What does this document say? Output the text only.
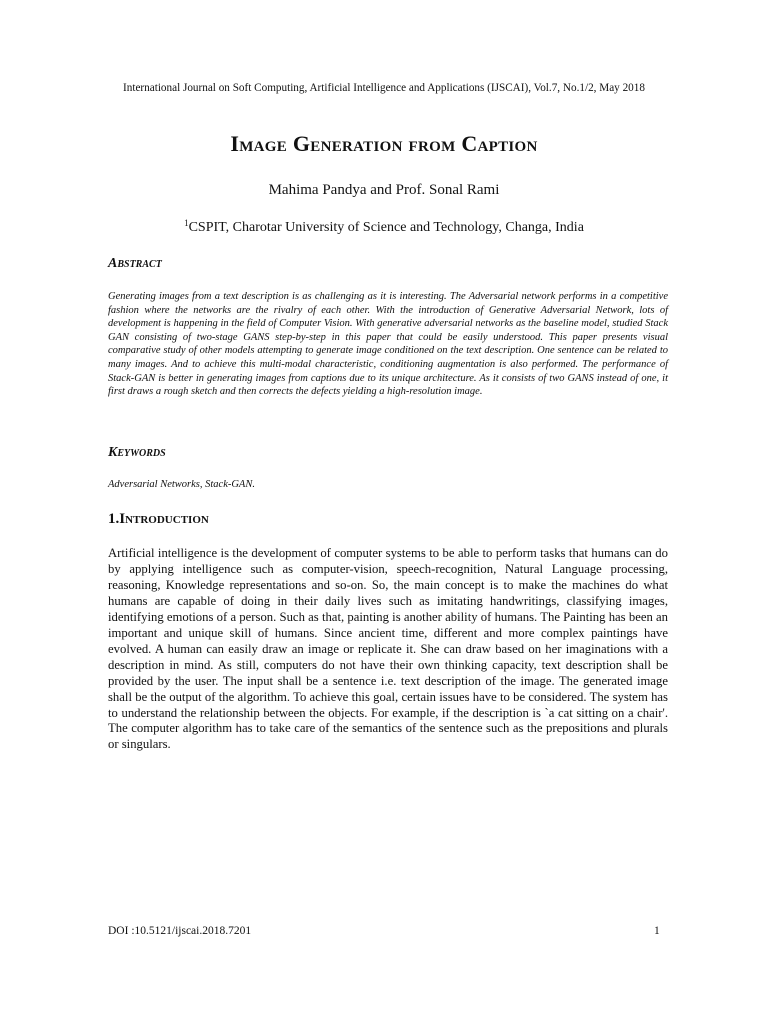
International Journal on Soft Computing, Artificial Intelligence and Applications (IJSCAI), Vol.7, No.1/2, May 2018
Image Generation from Caption
Mahima Pandya and Prof. Sonal Rami
$^1$CSPIT, Charotar University of Science and Technology, Changa, India
Abstract
Generating images from a text description is as challenging as it is interesting. The Adversarial network performs in a competitive fashion where the networks are the rivalry of each other. With the introduction of Generative Adversarial Network, lots of development is happening in the field of Computer Vision. With generative adversarial networks as the baseline model, studied Stack GAN consisting of two-stage GANS step-by-step in this paper that could be easily understood. This paper presents visual comparative study of other models attempting to generate image conditioned on the text description. One sentence can be related to many images. And to achieve this multi-modal characteristic, conditioning augmentation is also performed. The performance of Stack-GAN is better in generating images from captions due to its unique architecture. As it consists of two GANS instead of one, it first draws a rough sketch and then corrects the defects yielding a high-resolution image.
Keywords
Adversarial Networks, Stack-GAN.
1.Introduction
Artificial intelligence is the development of computer systems to be able to perform tasks that humans can do by applying intelligence such as computer-vision, speech-recognition, Natural Language processing, reasoning, Knowledge representations and so-on. So, the main concept is to make the machines do what humans are capable of doing in their daily lives such as imitating handwritings, classifying images, identifying emotions of a person. Such as that, painting is another ability of humans. The Painting has been an important and unique skill of humans. Since ancient time, different and more complex paintings have evolved. A human can easily draw an image or replicate it. She can draw based on her imaginations with a description in mind. As still, computers do not have their own thinking capacity, text description shall be provided by the user. The input shall be a sentence i.e. text description of the image. The generated image shall be the output of the algorithm. To achieve this goal, certain issues have to be considered. The system has to understand the relationship between the objects. For example, if the description is `a cat sitting on a chair'. The computer algorithm has to take care of the semantics of the sentence such as the prepositions and plurals or singulars.
DOI :10.5121/ijscai.2018.7201	1
